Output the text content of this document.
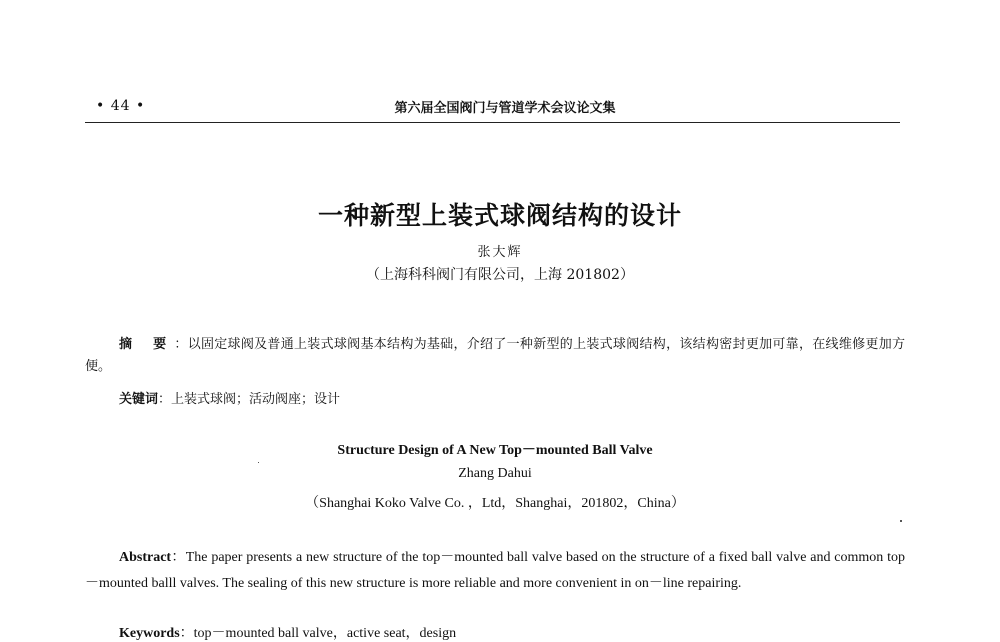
• 44 •	第六届全国阀门与管道学术会议论文集
一种新型上装式球阀结构的设计
张大辉
（上海科科阀门有限公司，上海 201802）
摘 要：以固定球阀及普通上装式球阀基本结构为基础，介绍了一种新型的上装式球阀结构，该结构密封更加可靠，在线维修更加方便。
关键词：上装式球阀；活动阀座；设计
Structure Design of A New Top－mounted Ball Valve
Zhang Dahui
（Shanghai Koko Valve Co. ，Ltd，Shanghai，201802，China）
Abstract：The paper presents a new structure of the top－mounted ball valve based on the structure of a fixed ball valve and common top－mounted balll valves. The sealing of this new structure is more reliable and more convenient in on－line repairing.
Keywords：top－mounted ball valve，active seat，design
